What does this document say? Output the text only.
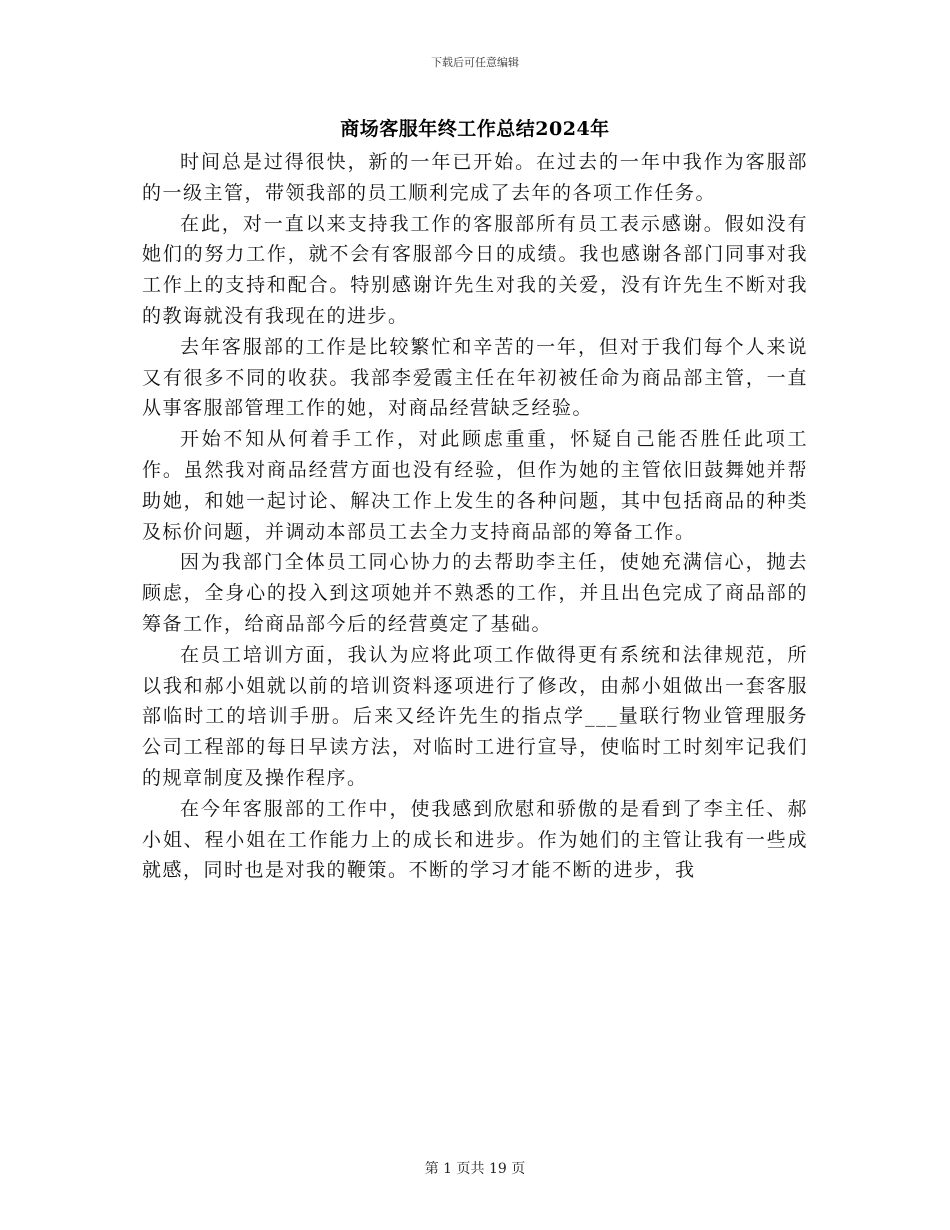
下载后可任意编辑
商场客服年终工作总结2024年

时间总是过得很快，新的一年已开始。在过去的一年中我作为客服部的一级主管，带领我部的员工顺利完成了去年的各项工作任务。

在此，对一直以来支持我工作的客服部所有员工表示感谢。假如没有她们的努力工作，就不会有客服部今日的成绩。我也感谢各部门同事对我工作上的支持和配合。特别感谢许先生对我的关爱，没有许先生不断对我的教诲就没有我现在的进步。

去年客服部的工作是比较繁忙和辛苦的一年，但对于我们每个人来说又有很多不同的收获。我部李爱霞主任在年初被任命为商品部主管，一直从事客服部管理工作的她，对商品经营缺乏经验。

开始不知从何着手工作，对此顾虑重重，怀疑自己能否胜任此项工作。虽然我对商品经营方面也没有经验，但作为她的主管依旧鼓舞她并帮助她，和她一起讨论、解决工作上发生的各种问题，其中包括商品的种类及标价问题，并调动本部员工去全力支持商品部的筹备工作。

因为我部门全体员工同心协力的去帮助李主任，使她充满信心，抛去顾虑，全身心的投入到这项她并不熟悉的工作，并且出色完成了商品部的筹备工作，给商品部今后的经营奠定了基础。

在员工培训方面，我认为应将此项工作做得更有系统和法律规范，所以我和郝小姐就以前的培训资料逐项进行了修改，由郝小姐做出一套客服部临时工的培训手册。后来又经许先生的指点学___量联行物业管理服务公司工程部的每日早读方法，对临时工进行宣导，使临时工时刻牢记我们的规章制度及操作程序。

在今年客服部的工作中，使我感到欣慰和骄傲的是看到了李主任、郝小姐、程小姐在工作能力上的成长和进步。作为她们的主管让我有一些成就感，同时也是对我的鞭策。不断的学习才能不断的进步，我

第 1 页共 19 页
